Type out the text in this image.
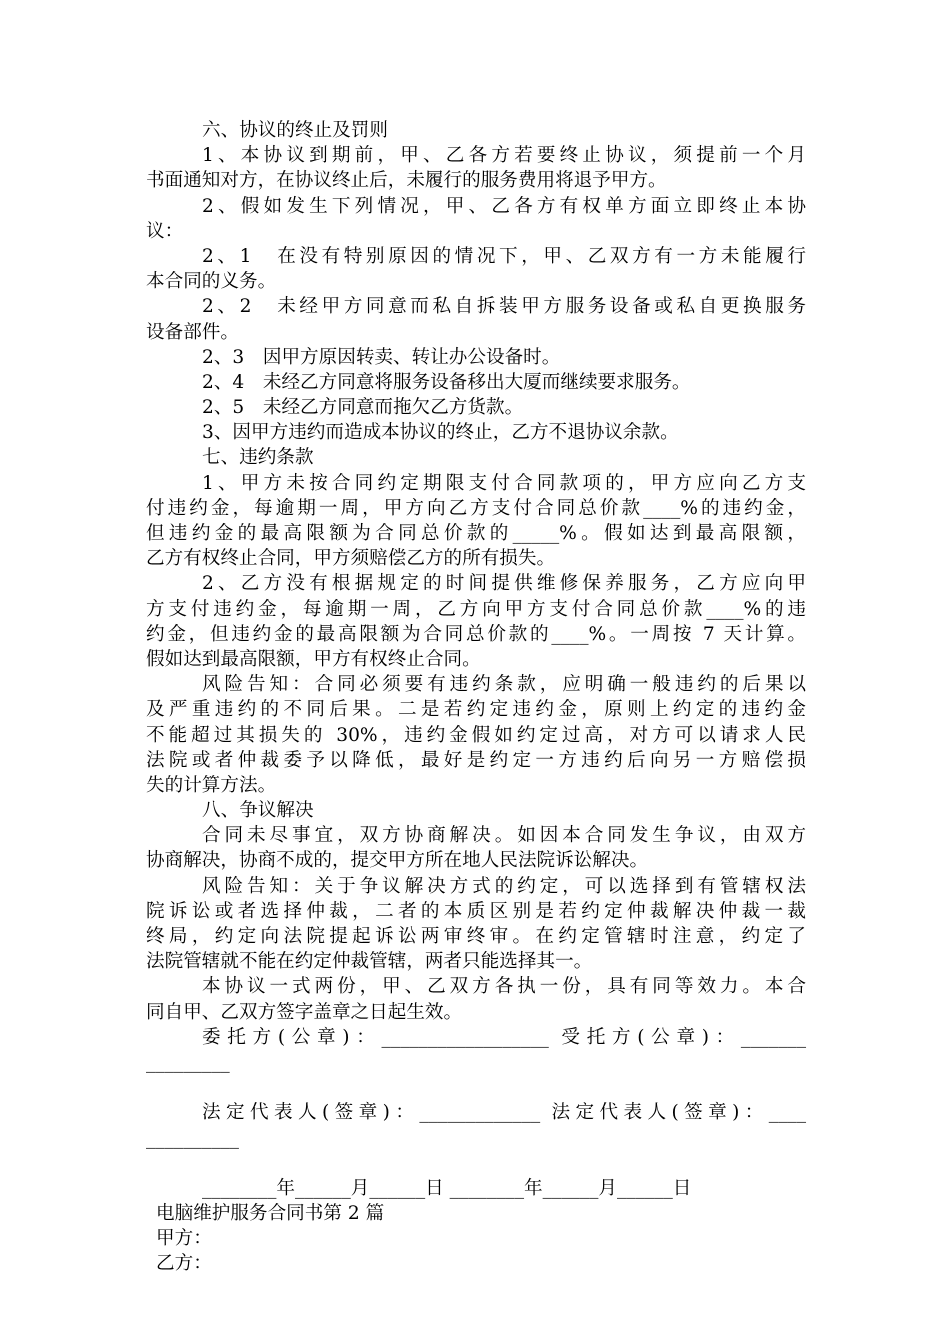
六、协议的终止及罚则
1、本协议到期前，甲、乙各方若要终止协议，须提前一个月
书面通知对方，在协议终止后，未履行的服务费用将退予甲方。
2、假如发生下列情况，甲、乙各方有权单方面立即终止本协
议：
2、1　在没有特别原因的情况下，甲、乙双方有一方未能履行
本合同的义务。
2、2　未经甲方同意而私自拆装甲方服务设备或私自更换服务
设备部件。
2、3　因甲方原因转卖、转让办公设备时。
2、4　未经乙方同意将服务设备移出大厦而继续要求服务。
2、5　未经乙方同意而拖欠乙方货款。
3、因甲方违约而造成本协议的终止，乙方不退协议余款。
七、违约条款
1、甲方未按合同约定期限支付合同款项的，甲方应向乙方支
付违约金，每逾期一周，甲方向乙方支付合同总价款____%的违约金，
但违约金的最高限额为合同总价款的_____%。假如达到最高限额，
乙方有权终止合同，甲方须赔偿乙方的所有损失。
2、乙方没有根据规定的时间提供维修保养服务，乙方应向甲
方支付违约金，每逾期一周，乙方向甲方支付合同总价款____%的违
约金，但违约金的最高限额为合同总价款的____%。一周按 7 天计算。
假如达到最高限额，甲方有权终止合同。
风险告知：合同必须要有违约条款，应明确一般违约的后果以
及严重违约的不同后果。二是若约定违约金，原则上约定的违约金
不能超过其损失的 30%，违约金假如约定过高，对方可以请求人民
法院或者仲裁委予以降低，最好是约定一方违约后向另一方赔偿损
失的计算方法。
八、争议解决
合同未尽事宜，双方协商解决。如因本合同发生争议，由双方
协商解决，协商不成的，提交甲方所在地人民法院诉讼解决。
风险告知：关于争议解决方式的约定，可以选择到有管辖权法
院诉讼或者选择仲裁，二者的本质区别是若约定仲裁解决仲裁一裁
终局，约定向法院提起诉讼两审终审。在约定管辖时注意，约定了
法院管辖就不能在约定仲裁管辖，两者只能选择其一。
本协议一式两份，甲、乙双方各执一份，具有同等效力。本合
同自甲、乙双方签字盖章之日起生效。
委托方(公章)：__________________ 受托方(公章)：_______
_________
法定代表人(签章)：_____________ 法定代表人(签章)：____
__________
________年______月______日 ________年______月______日
电脑维护服务合同书第 2 篇
甲方：
乙方：
